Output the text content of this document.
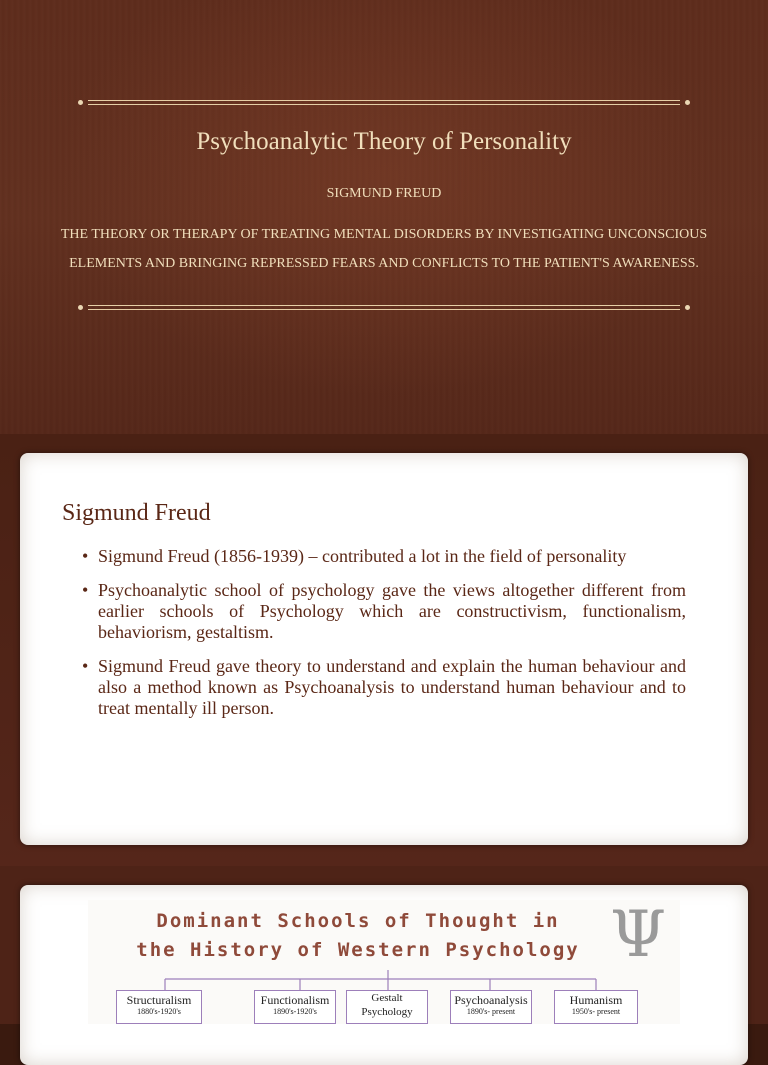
Psychoanalytic Theory of Personality
SIGMUND FREUD
THE THEORY OR THERAPY OF TREATING MENTAL DISORDERS BY INVESTIGATING UNCONSCIOUS
ELEMENTS AND BRINGING REPRESSED FEARS AND CONFLICTS TO THE PATIENT'S AWARENESS.
Sigmund Freud
• Sigmund Freud (1856-1939) – contributed a lot in the field of personality
• Psychoanalytic school of psychology gave the views altogether different from earlier schools of Psychology which are constructivism, functionalism, behaviorism, gestaltism.
• Sigmund Freud gave theory to understand and explain the human behaviour and also a method known as Psychoanalysis to understand human behaviour and to treat mentally ill person.
Dominant Schools of Thought in
the History of Western Psychology Ψ
Structuralism
1880's-1920's
Functionalism
1890's-1920's
Gestalt Psychology
Psychoanalysis
1890's- present
Humanism
1950's- present
